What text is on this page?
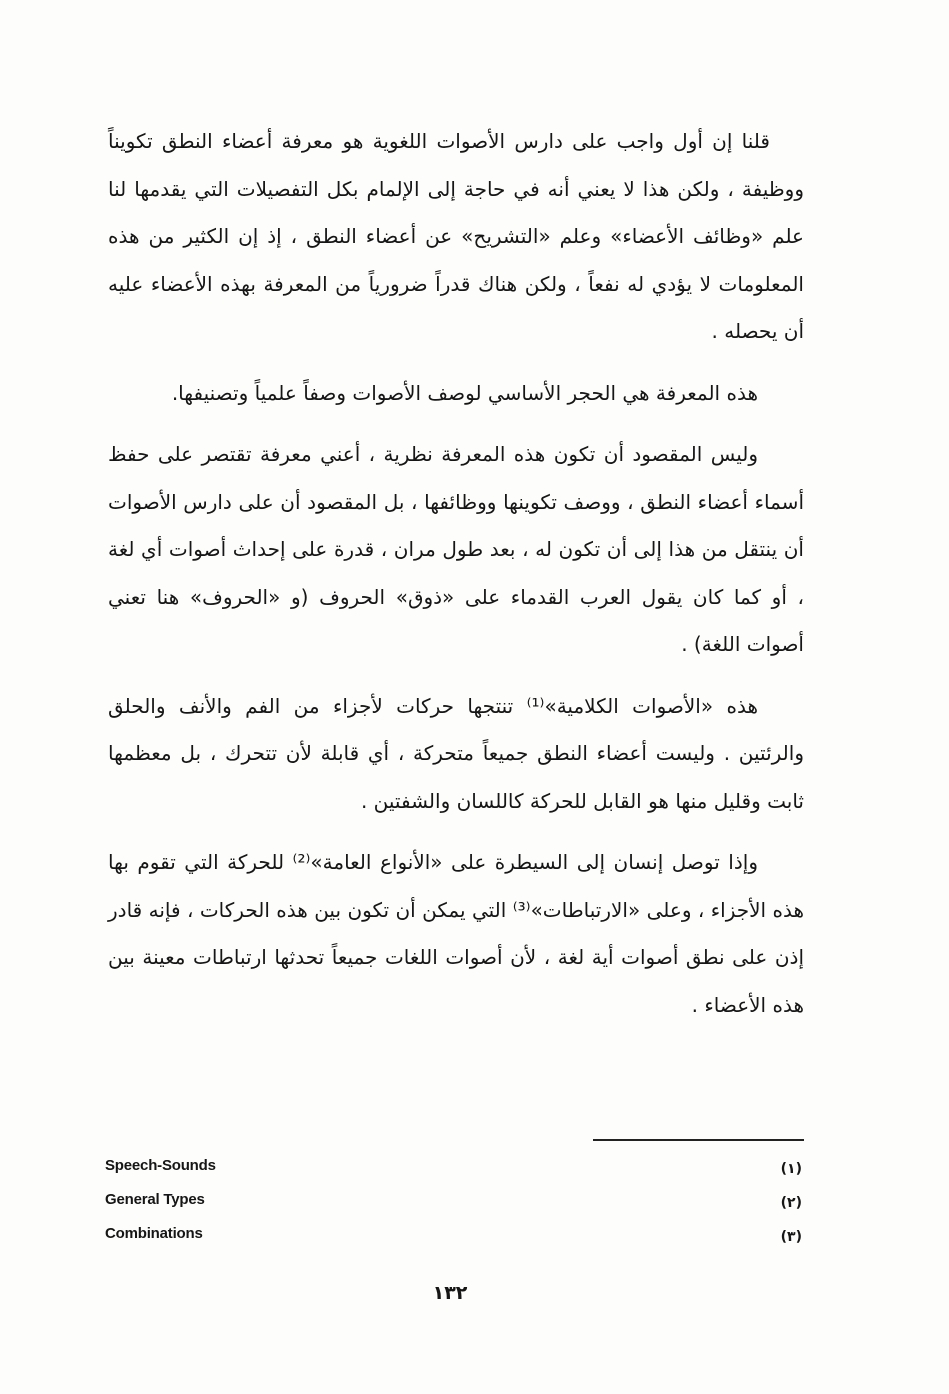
قلنا إن أول واجب على دارس الأصوات اللغوية هو معرفة أعضاء النطق تكويناً ووظيفة ، ولكن هذا لا يعني أنه في حاجة إلى الإلمام بكل التفصيلات التي يقدمها لنا علم «وظائف الأعضاء» وعلم «التشريح» عن أعضاء النطق ، إذ إن الكثير من هذه المعلومات لا يؤدي له نفعاً ، ولكن هناك قدراً ضرورياً من المعرفة بهذه الأعضاء عليه أن يحصله .

هذه المعرفة هي الحجر الأساسي لوصف الأصوات وصفاً علمياً وتصنيفها.

وليس المقصود أن تكون هذه المعرفة نظرية ، أعني معرفة تقتصر على حفظ أسماء أعضاء النطق ، ووصف تكوينها ووظائفها ، بل المقصود أن على دارس الأصوات أن ينتقل من هذا إلى أن تكون له ، بعد طول مران ، قدرة على إحداث أصوات أي لغة ، أو كما كان يقول العرب القدماء على «ذوق» الحروف (و «الحروف» هنا تعني أصوات اللغة) .

هذه «الأصوات الكلامية»⁽¹⁾ تنتجها حركات لأجزاء من الفم والأنف والحلق والرئتين . وليست أعضاء النطق جميعاً متحركة ، أي قابلة لأن تتحرك ، بل معظمها ثابت وقليل منها هو القابل للحركة كاللسان والشفتين .

وإذا توصل إنسان إلى السيطرة على «الأنواع العامة»⁽²⁾ للحركة التي تقوم بها هذه الأجزاء ، وعلى «الارتباطات»⁽³⁾ التي يمكن أن تكون بين هذه الحركات ، فإنه قادر إذن على نطق أصوات أية لغة ، لأن أصوات اللغات جميعاً تحدثها ارتباطات معينة بين هذه الأعضاء .

Speech-Sounds	(١)
General Types	(٢)
Combinations	(٣)
١٣٢
